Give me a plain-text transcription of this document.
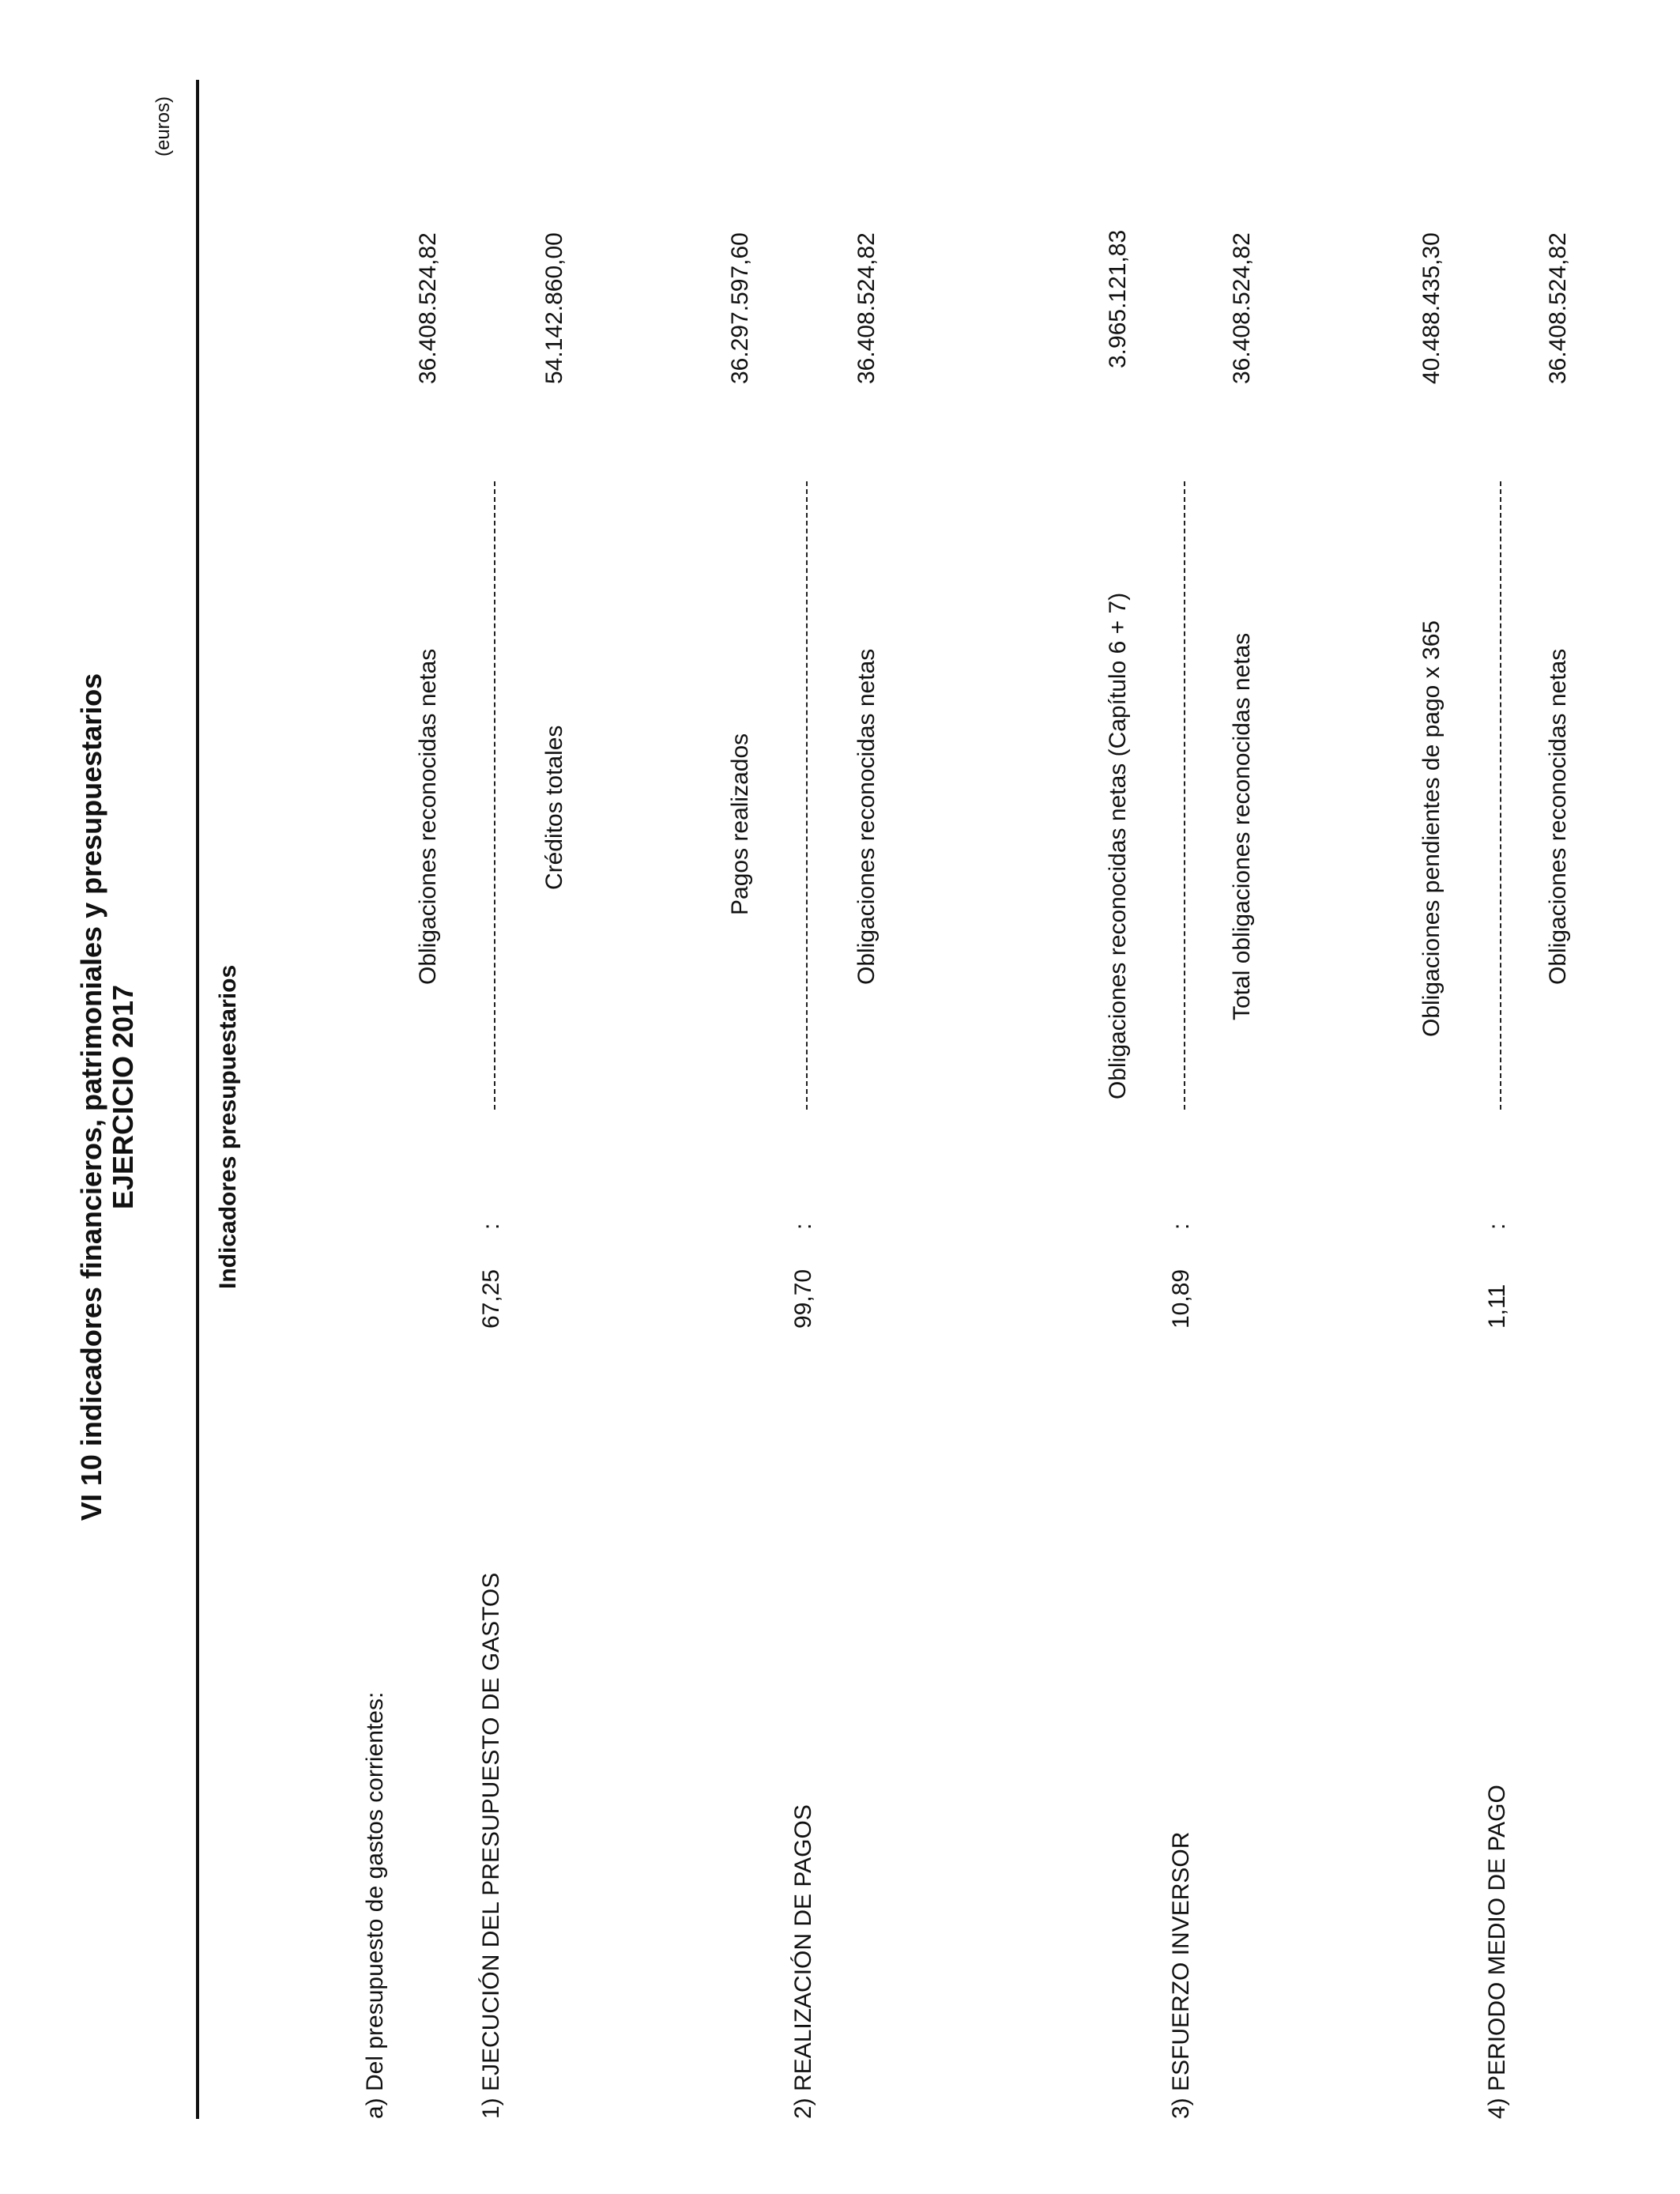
VI 10 indicadores financieros, patrimoniales y presupuestarios EJERCICIO 2017
(euros)
Indicadores presupuestarios
a) Del presupuesto de gastos corrientes:
Obligaciones reconocidas netas
36.408.524,82
1) EJECUCIÓN DEL PRESUPUESTO DE GASTOS
67,25
:
Créditos totales
54.142.860,00
Pagos realizados
36.297.597,60
2) REALIZACIÓN DE PAGOS
99,70
:
Obligaciones reconocidas netas
36.408.524,82
Obligaciones reconocidas netas (Capítulo 6 + 7)
3.965.121,83
3) ESFUERZO INVERSOR
10,89
:
Total obligaciones reconocidas netas
36.408.524,82
Obligaciones pendientes de pago x 365
40.488.435,30
4) PERIODO MEDIO DE PAGO
1,11
:
Obligaciones reconocidas netas
36.408.524,82
